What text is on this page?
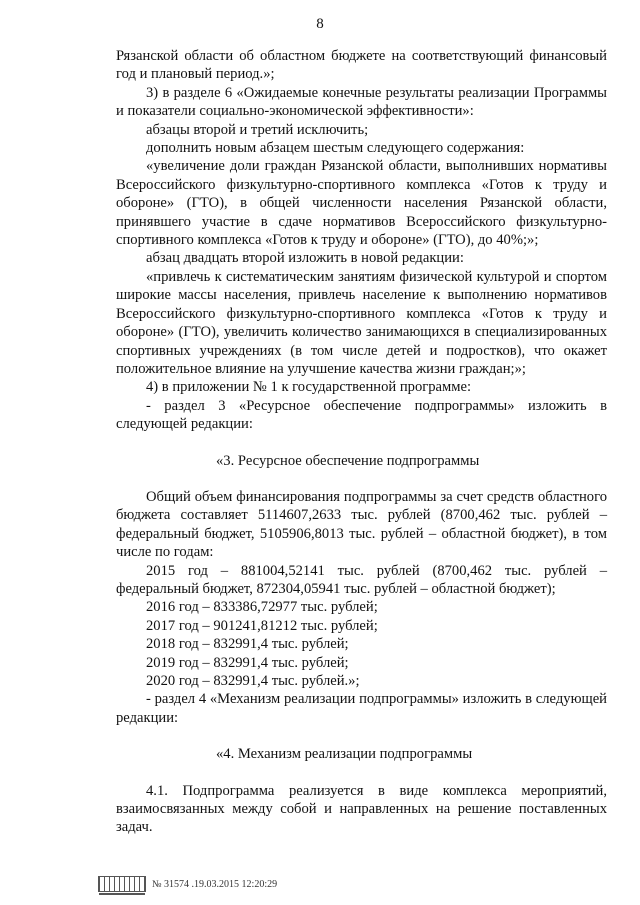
8

Рязанской области об областном бюджете на соответствующий финансовый год и плановый период.»;

3) в разделе 6 «Ожидаемые конечные результаты реализации Программы и показатели социально-экономической эффективности»:

абзацы второй и третий исключить;

дополнить новым абзацем шестым следующего содержания:

«увеличение доли граждан Рязанской области, выполнивших нормативы Всероссийского физкультурно-спортивного комплекса «Готов к труду и обороне» (ГТО), в общей численности населения Рязанской области, принявшего участие в сдаче нормативов Всероссийского физкультурно-спортивного комплекса «Готов к труду и обороне» (ГТО), до 40%;»;

абзац двадцать второй изложить в новой редакции:

«привлечь к систематическим занятиям физической культурой и спортом широкие массы населения, привлечь население к выполнению нормативов Всероссийского физкультурно-спортивного комплекса «Готов к труду и обороне» (ГТО), увеличить количество занимающихся в специализированных спортивных учреждениях (в том числе детей и подростков), что окажет положительное влияние на улучшение качества жизни граждан;»;

4) в приложении № 1 к государственной программе:

- раздел 3 «Ресурсное обеспечение подпрограммы» изложить в следующей редакции:

«3. Ресурсное обеспечение подпрограммы

Общий объем финансирования подпрограммы за счет средств областного бюджета составляет 5114607,2633 тыс. рублей (8700,462 тыс. рублей – федеральный бюджет, 5105906,8013 тыс. рублей – областной бюджет), в том числе по годам:

2015 год – 881004,52141 тыс. рублей (8700,462 тыс. рублей – федеральный бюджет, 872304,05941 тыс. рублей – областной бюджет);

2016 год – 833386,72977 тыс. рублей;

2017 год – 901241,81212 тыс. рублей;

2018 год – 832991,4 тыс. рублей;

2019 год – 832991,4 тыс. рублей;

2020 год – 832991,4 тыс. рублей.»;

- раздел 4 «Механизм реализации подпрограммы» изложить в следующей редакции:

«4. Механизм реализации подпрограммы

4.1. Подпрограмма реализуется в виде комплекса мероприятий, взаимосвязанных между собой и направленных на решение поставленных задач.

№ 31574 .19.03.2015 12:20:29
